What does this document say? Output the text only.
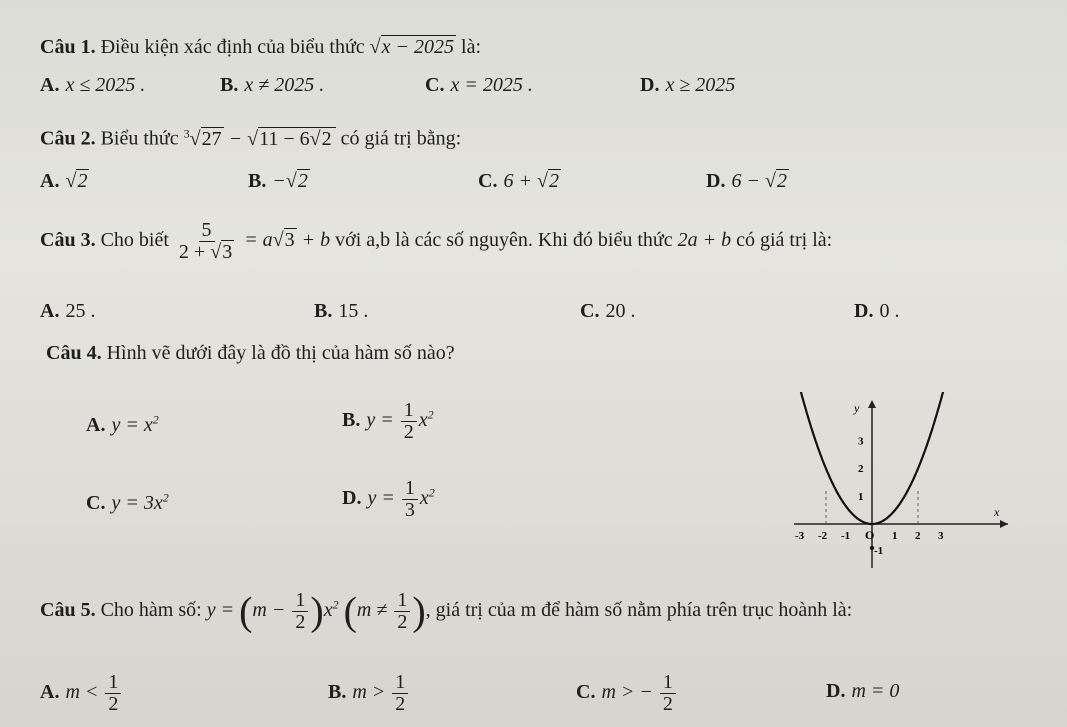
Câu 1. Điều kiện xác định của biểu thức √x − 2025 là:
A. x ≤ 2025 .	B. x ≠ 2025 .	C. x = 2025 .	D. x ≥ 2025
Câu 2. Biểu thức $^3$√27 − √11 − 6√2 có giá trị bằng:
A. √2	B. −√2	C. 6 + √2	D. 6 − √2
Câu 3. Cho biết $\frac{5}{2 + √3} = a√3 + b$ với a,b là các số nguyên. Khi đó biểu thức 2a + b có giá trị là:
A. 25 .	B. 15 .	C. 20 .	D. 0 .
Câu 4. Hình vẽ dưới đây là đồ thị của hàm số nào?
A. $y = x^2$	B. $y = \frac{1}{2} x^2$
C. $y = 3x^2$	D. $y = \frac{1}{3} x^2$
x
y
O
-3 -2 -1	1 2 3
1
2
3
-1
Câu 5. Cho hàm số: $y = (m - \frac{1}{2} )x^2$ ($m \ne \frac{1}{2}$ ), giá trị của m để hàm số nằm phía trên trục hoành là:
A. $m < \frac{1}{2}$	B. $m > \frac{1}{2}$	C. m > − $\frac{1}{2}$	D. m = 0
